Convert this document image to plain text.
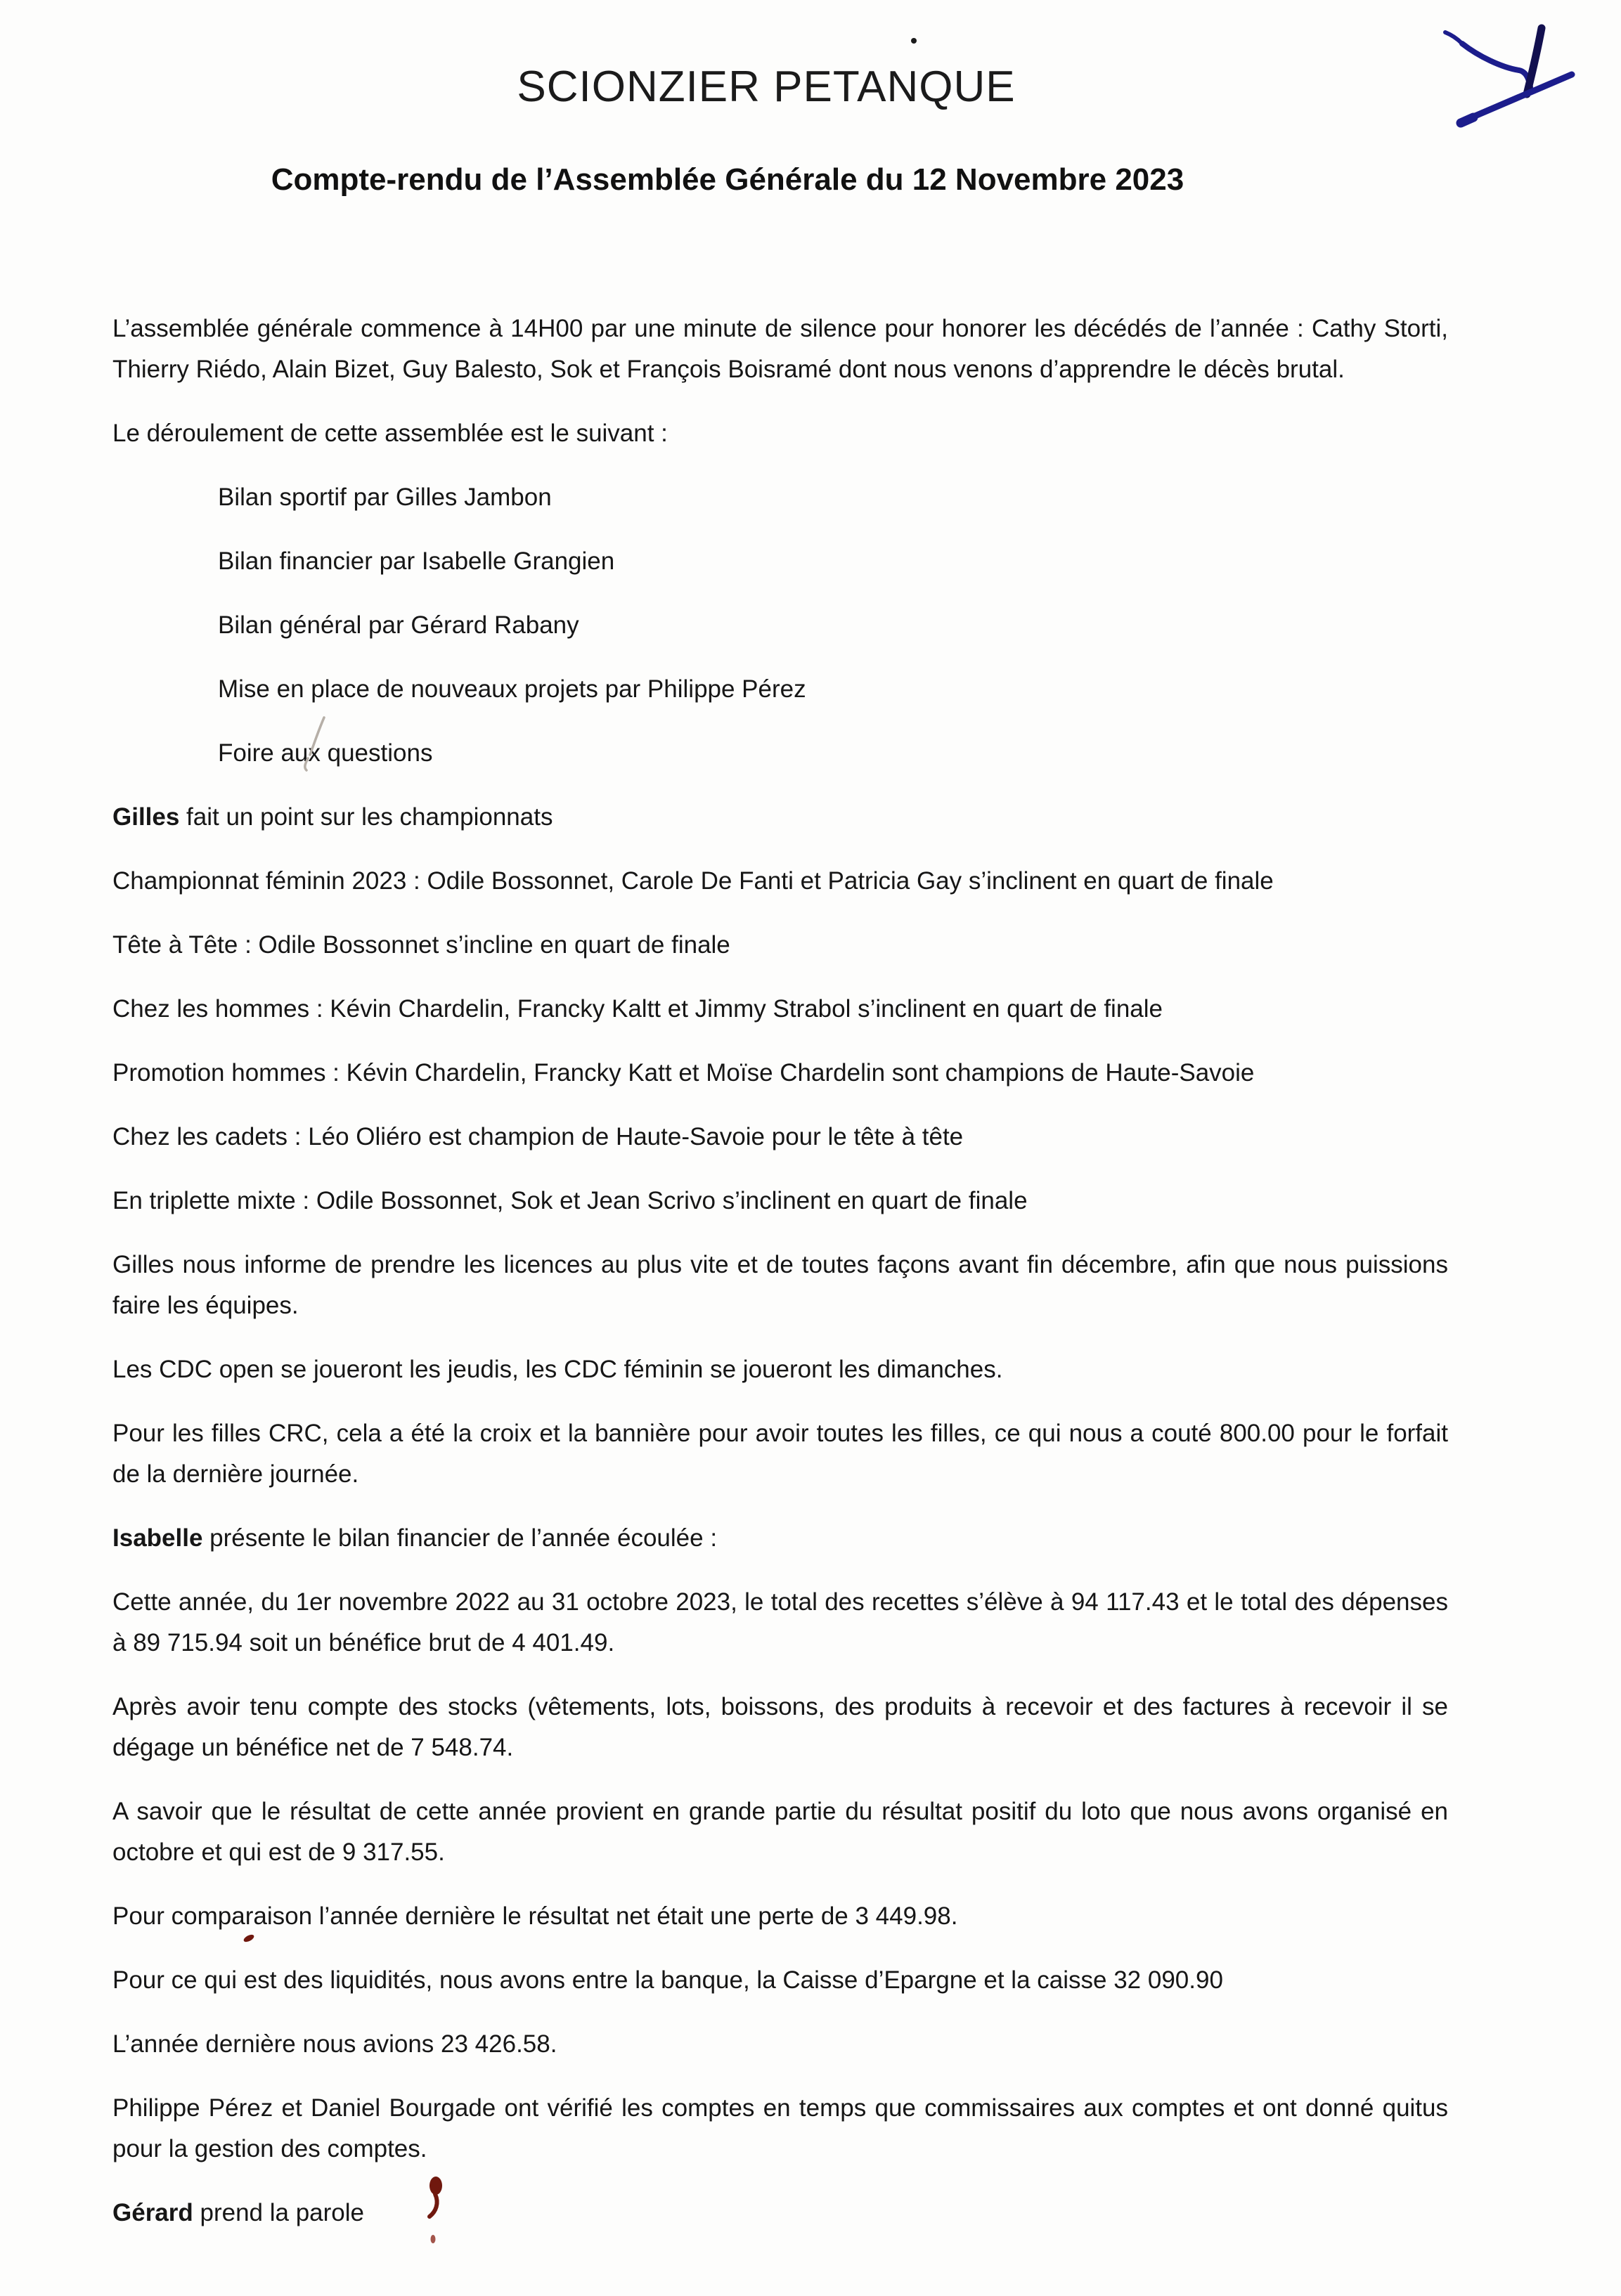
SCIONZIER PETANQUE
Compte-rendu de l’Assemblée Générale du 12 Novembre 2023

L’assemblée générale commence à 14H00 par une minute de silence pour honorer les décédés de l’année : Cathy Storti, Thierry Riédo, Alain Bizet, Guy Balesto, Sok et François Boisramé dont nous venons d’apprendre le décès brutal.

Le déroulement de cette assemblée est le suivant :

Bilan sportif par Gilles Jambon

Bilan financier par Isabelle Grangien

Bilan général par Gérard Rabany

Mise en place de nouveaux projets par Philippe Pérez

Foire aux questions

Gilles fait un point sur les championnats

Championnat féminin 2023 : Odile Bossonnet, Carole De Fanti et Patricia Gay s’inclinent en quart de finale

Tête à Tête : Odile Bossonnet s’incline en quart de finale

Chez les hommes : Kévin Chardelin, Francky Kaltt et Jimmy Strabol s’inclinent en quart de finale

Promotion hommes : Kévin Chardelin, Francky Katt et Moïse Chardelin sont champions de Haute-Savoie

Chez les cadets : Léo Oliéro est champion de Haute-Savoie pour le tête à tête

En triplette mixte : Odile Bossonnet, Sok et Jean Scrivo s’inclinent en quart de finale

Gilles nous informe de prendre les licences au plus vite et de toutes façons avant fin décembre, afin que nous puissions faire les équipes.

Les CDC open se joueront les jeudis, les CDC féminin se joueront les dimanches.

Pour les filles CRC, cela a été la croix et la bannière pour avoir toutes les filles, ce qui nous a couté 800.00 pour le forfait de la dernière journée.

Isabelle présente le bilan financier de l’année écoulée :

Cette année, du 1er novembre 2022 au 31 octobre 2023, le total des recettes s’élève à 94 117.43 et le total des dépenses à 89 715.94 soit un bénéfice brut de 4 401.49.

Après avoir tenu compte des stocks (vêtements, lots, boissons, des produits à recevoir et des factures à recevoir il se dégage un bénéfice net de 7 548.74.

A savoir que le résultat de cette année provient en grande partie du résultat positif du loto que nous avons organisé en octobre et qui est de 9 317.55.

Pour comparaison l’année dernière le résultat net était une perte de 3 449.98.

Pour ce qui est des liquidités, nous avons entre la banque, la Caisse d’Epargne et la caisse 32 090.90

L’année dernière nous avions 23 426.58.

Philippe Pérez et Daniel Bourgade ont vérifié les comptes en temps que commissaires aux comptes et ont donné quitus pour la gestion des comptes.

Gérard prend la parole
